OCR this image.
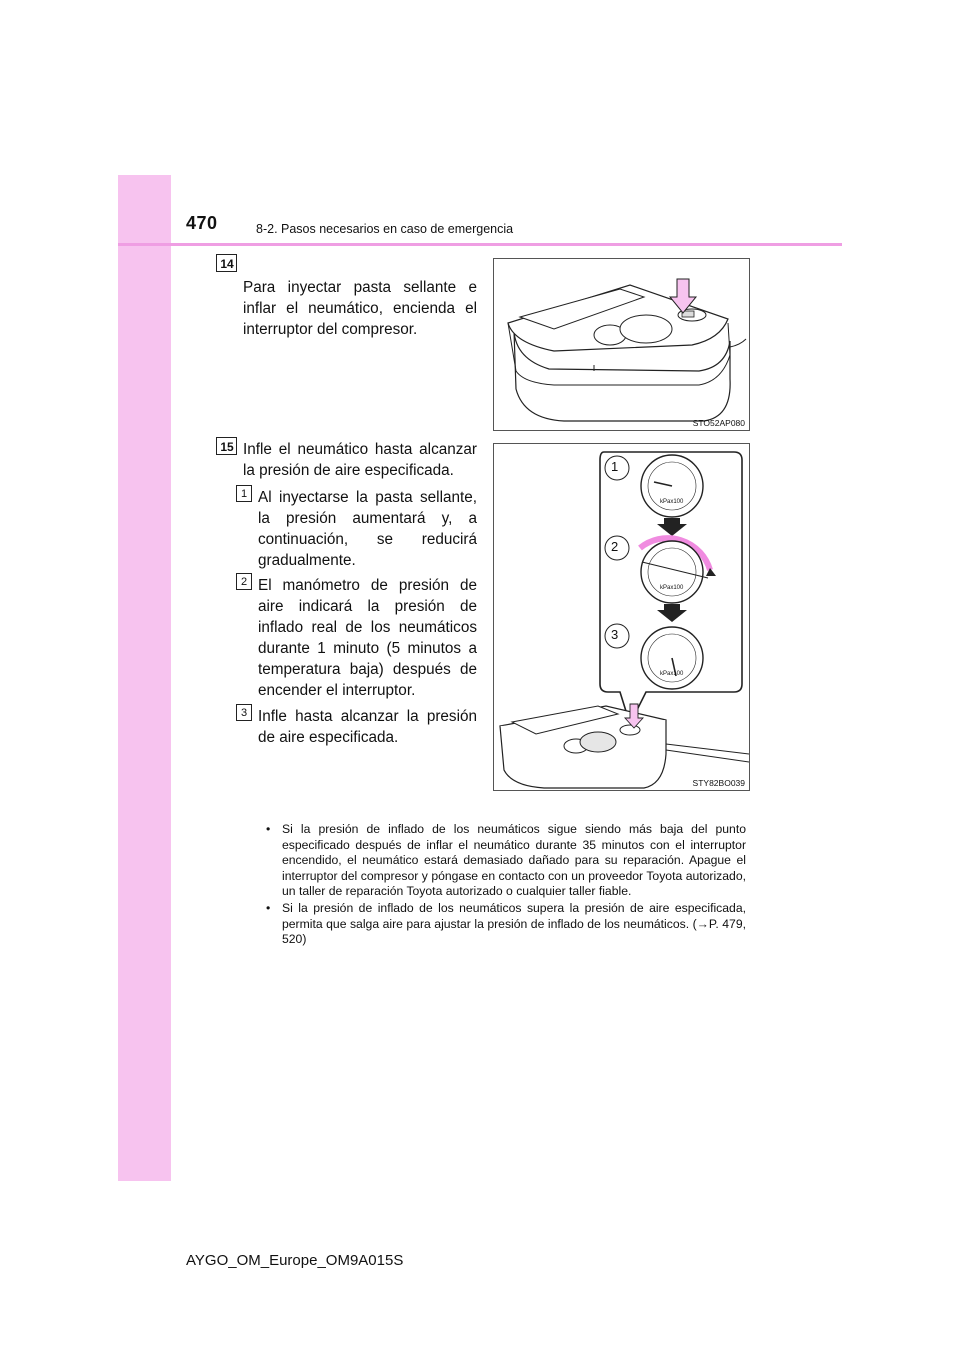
470	8-2. Pasos necesarios en caso de emergencia
14
Para inyectar pasta sellante e inflar el neumático, encienda el interruptor del compresor.
STO52AP080
15 Infle el neumático hasta alcanzar la presión de aire especificada.
1 Al inyectarse la pasta sellante, la presión aumentará y, a continuación, se reducirá gradualmente.
2 El manómetro de presión de aire indicará la presión de inflado real de los neumáticos durante 1 minuto (5 minutos a temperatura baja) después de encender el interruptor.
3 Infle hasta alcanzar la presión de aire especificada.
1
2
3
kPax100
kPax100
kPax100
STY82BO039
• Si la presión de inflado de los neumáticos sigue siendo más baja del punto especificado después de inflar el neumático durante 35 minutos con el interruptor encendido, el neumático estará demasiado dañado para su reparación. Apague el interruptor del compresor y póngase en contacto con un proveedor Toyota autorizado, un taller de reparación Toyota autorizado o cualquier taller fiable.
• Si la presión de inflado de los neumáticos supera la presión de aire especificada, permita que salga aire para ajustar la presión de inflado de los neumáticos. (→P. 479, 520)
AYGO_OM_Europe_OM9A015S
